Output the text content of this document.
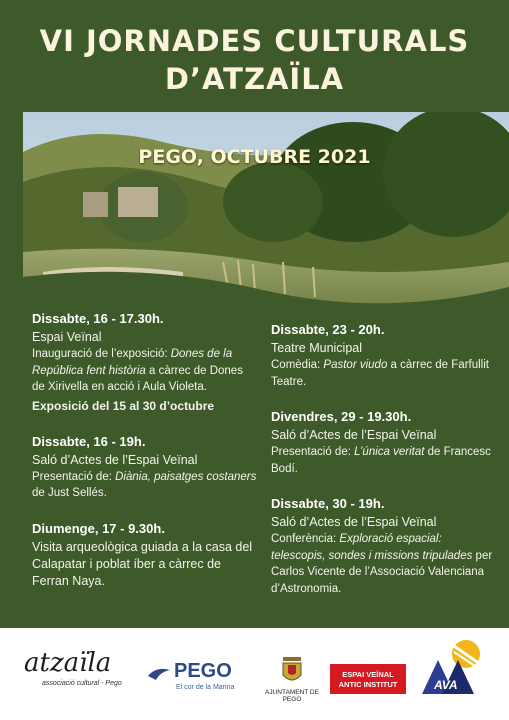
VI JORNADES CULTURALS
D’ATZAÏLA
PEGO, OCTUBRE 2021
Dissabte, 16 - 17.30h.
Espai Veïnal
Inauguració de l’exposició: Dones de la República fent història a càrrec de Dones de Xirivella en acció i Aula Violeta.
Exposició del 15 al 30 d’octubre
Dissabte, 16 - 19h.
Saló d’Actes de l’Espai Veïnal
Presentació de: Diània, paisatges costaners de Just Sellés.
Diumenge, 17 - 9.30h.
Visita arqueològica guiada a la casa del Calapatar i poblat íber a càrrec de Ferran Naya.
Dissabte, 23 - 20h.
Teatre Municipal
Comèdia: Pastor viudo a càrrec de Farfullit Teatre.
Divendres, 29 - 19.30h.
Saló d’Actes de l’Espai Veïnal
Presentació de: L’única veritat de Francesc Bodí.
Dissabte, 30 - 19h.
Saló d’Actes de l’Espai Veïnal
Conferència: Exploració espacial: telescopis, sondes i missions tripulades per Carlos Vicente de l’Associació Valenciana d’Astronomia.
atzaïla
associació cultural - Pego
PEGO
El cor de la Marina
AJUNTAMENT DE PEGO
ESPAI VEÏNAL
ANTIC INSTITUT	AVA
